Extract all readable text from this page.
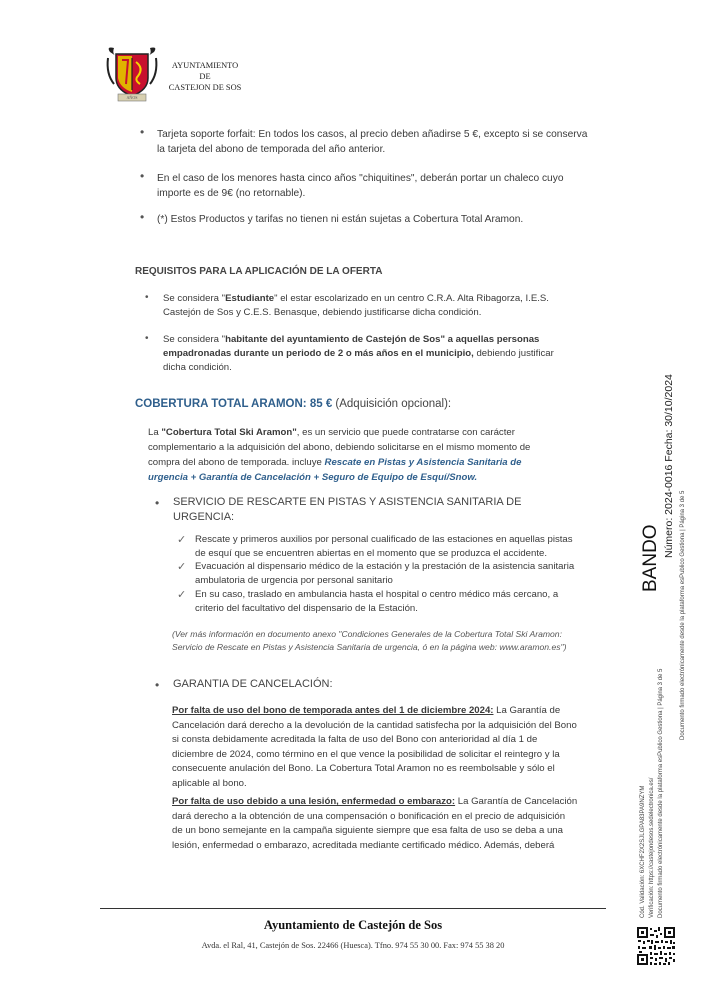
AÑOS
AYUNTAMIENTO
DE
CASTEJON DE SOS
• Tarjeta soporte forfait: En todos los casos, al precio deben añadirse 5 €, excepto si se conserva
la tarjeta del abono de temporada del año anterior.
• En el caso de los menores hasta cinco años "chiquitines", deberán portar un chaleco cuyo
importe es de 9€ (no retornable).
• (*) Estos Productos y tarifas no tienen ni están sujetas a Cobertura Total Aramon.
REQUISITOS PARA LA APLICACIÓN DE LA OFERTA
• Se considera "Estudiante" el estar escolarizado en un centro C.R.A. Alta Ribagorza, I.E.S.
Castejón de Sos y C.E.S. Benasque, debiendo justificarse dicha condición.
• Se considera "habitante del ayuntamiento de Castejón de Sos" a aquellas personas
empadronadas durante un periodo de 2 o más años en el municipio, debiendo justificar
dicha condición.
COBERTURA TOTAL ARAMON: 85 € (Adquisición opcional):
La "Cobertura Total Ski Aramon", es un servicio que puede contratarse con carácter
complementario a la adquisición del abono, debiendo solicitarse en el mismo momento de
compra del abono de temporada. incluye Rescate en Pistas y Asistencia Sanitaria de
urgencia + Garantía de Cancelación + Seguro de Equipo de Esquí/Snow.
• SERVICIO DE RESCARTE EN PISTAS Y ASISTENCIA SANITARIA DE
URGENCIA:
✓ Rescate y primeros auxilios por personal cualificado de las estaciones en aquellas pistas
de esquí que se encuentren abiertas en el momento que se produzca el accidente.
✓ Evacuación al dispensario médico de la estación y la prestación de la asistencia sanitaria
ambulatoria de urgencia por personal sanitario
✓ En su caso, traslado en ambulancia hasta el hospital o centro médico más cercano, a
criterio del facultativo del dispensario de la Estación.
(Ver más información en documento anexo "Condiciones Generales de la Cobertura Total Ski Aramon:
Servicio de Rescate en Pistas y Asistencia Sanitaria de urgencia, ó en la página web: www.aramon.es")
• GARANTIA DE CANCELACIÓN:
Por falta de uso del bono de temporada antes del 1 de diciembre 2024: La Garantía de
Cancelación dará derecho a la devolución de la cantidad satisfecha por la adquisición del Bono
si consta debidamente acreditada la falta de uso del Bono con anterioridad al día 1 de
diciembre de 2024, como término en el que vence la posibilidad de solicitar el reintegro y la
consecuente anulación del Bono. La Cobertura Total Aramon no es reembolsable y sólo el
aplicable al bono.
Por falta de uso debido a una lesión, enfermedad o embarazo: La Garantía de Cancelación
dará derecho a la obtención de una compensación o bonificación en el precio de adquisición
de un bono semejante en la campaña siguiente siempre que esa falta de uso se deba a una
lesión, enfermedad o embarazo, acreditada mediante certificado médico. Además, deberá
Ayuntamiento de Castejón de Sos
Avda. el Ral, 41, Castejón de Sos. 22466 (Huesca). Tfno. 974 55 30 00. Fax: 974 55 38 20
BANDO
Número: 2024-0016 Fecha: 30/10/2024
Documento firmado electrónicamente desde la plataforma esPublico Gestiona | Página 3 de 5
Cód. Validación: 6XCHF2X2SJLGPA83PA9NZYM Verificación: https://castejondesos.sedelectronica.es/ Documento firmado electrónicamente desde la plataforma esPublico Gestiona | Página 3 de 5
